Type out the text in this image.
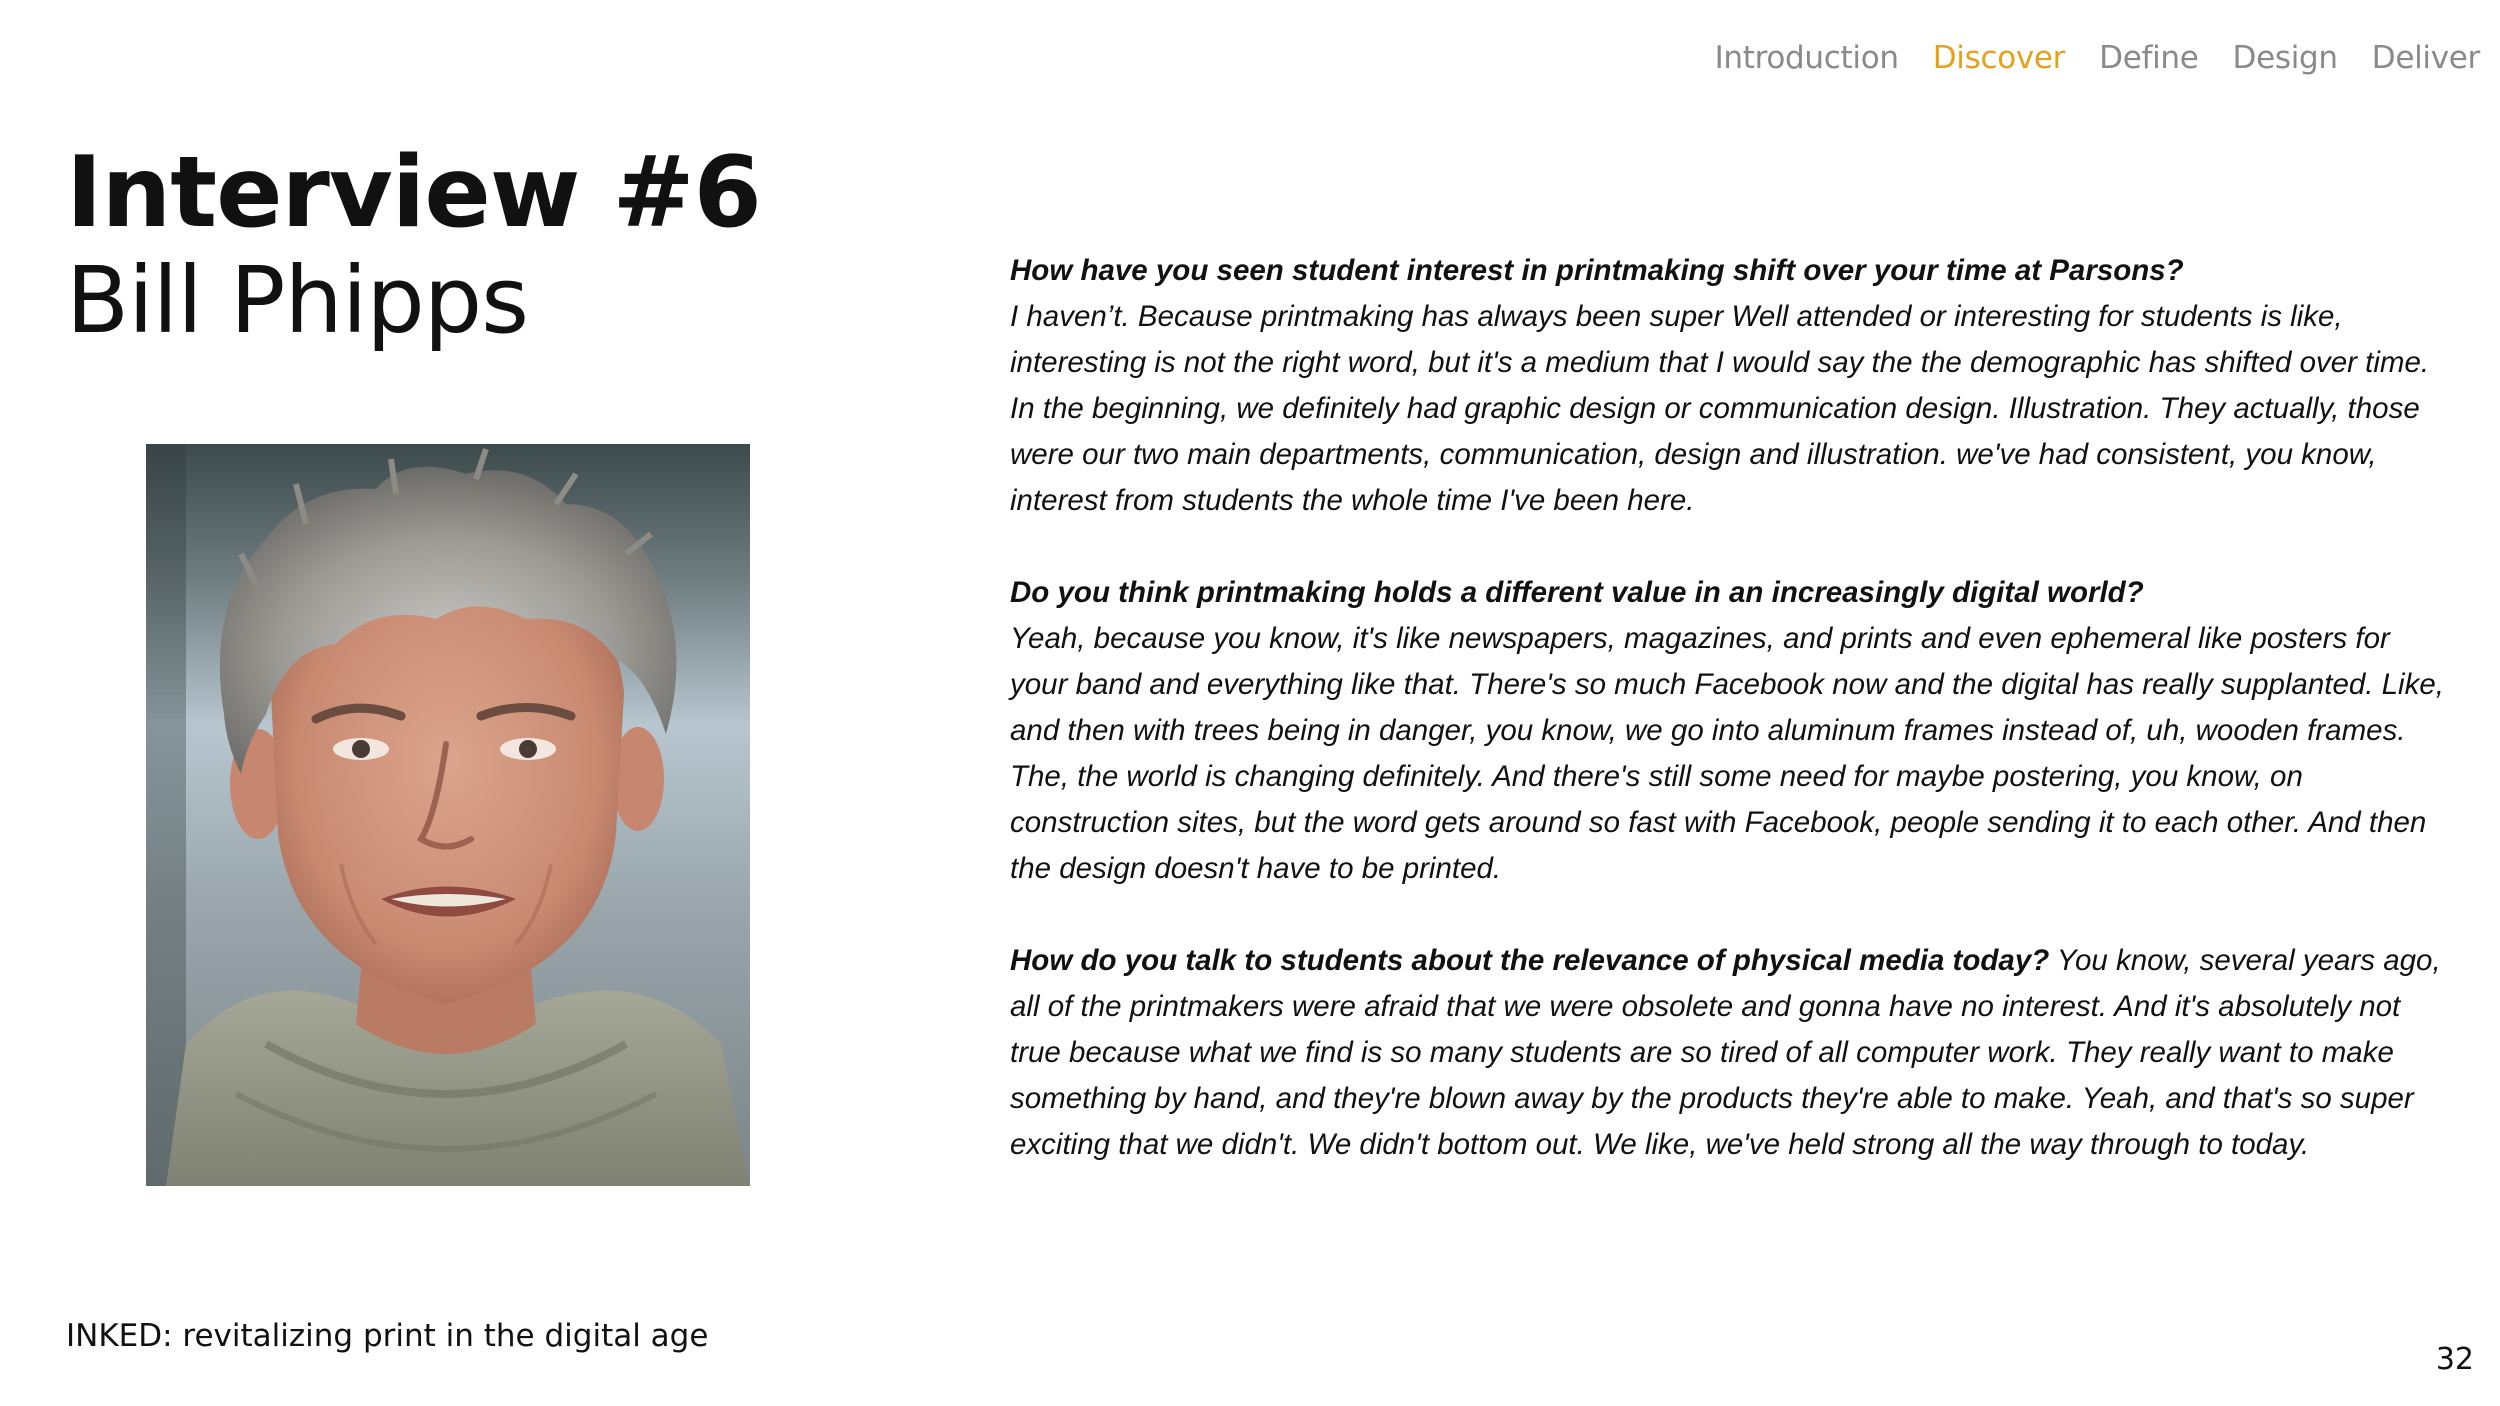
Introduction Discover Define Design Deliver
Interview #6
Bill Phipps	How have you seen student interest in printmaking shift over your time at Parsons?
I haven’t. Because printmaking has always been super Well attended or interesting for students is like, interesting is not the right word, but it's a medium that I would say the the demographic has shifted over time. In the beginning, we definitely had graphic design or communication design. Illustration. They actually, those were our two main departments, communication, design and illustration. we've had consistent, you know, interest from students the whole time I've been here.

Do you think printmaking holds a different value in an increasingly digital world?
Yeah, because you know, it's like newspapers, magazines, and prints and even ephemeral like posters for your band and everything like that. There's so much Facebook now and the digital has really supplanted. Like, and then with trees being in danger, you know, we go into aluminum frames instead of, uh, wooden frames. The, the world is changing definitely. And there's still some need for maybe postering, you know, on construction sites, but the word gets around so fast with Facebook, people sending it to each other. And then the design doesn't have to be printed.

How do you talk to students about the relevance of physical media today? You know, several years ago, all of the printmakers were afraid that we were obsolete and gonna have no interest. And it's absolutely not true because what we find is so many students are so tired of all computer work. They really want to make something by hand, and they're blown away by the products they're able to make. Yeah, and that's so super exciting that we didn't. We didn't bottom out. We like, we've held strong all the way through to today.

INKED: revitalizing print in the digital age
32
